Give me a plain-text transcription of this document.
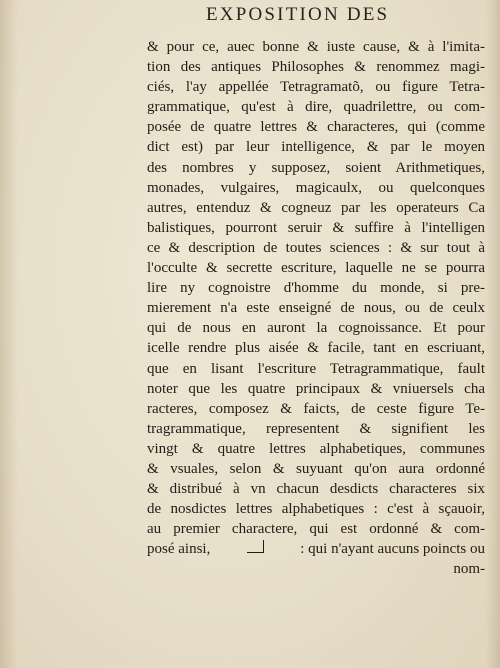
EXPOSITION DES
& pour ce, auec bonne & iuste cause, & à l'imita-
tion des antiques Philosophes & renommez magi-
ciés, l'ay appellée Tetragramatõ, ou figure Tetra-
grammatique, qu'est à dire, quadrilettre, ou com-
posée de quatre lettres & characteres, qui (comme
dict est) par leur intelligence, & par le moyen
des nombres y supposez, soient Arithmetiques,
monades, vulgaires, magicaulx, ou quelconques
autres, entenduz & cogneuz par les operateurs Ca
balistiques, pourront seruir & suffire à l'intelligen
ce & description de toutes sciences : & sur tout à
l'occulte & secrette escriture, laquelle ne se pourra
lire ny cognoistre d'homme du monde, si pre-
mierement n'a este enseigné de nous, ou de ceulx
qui de nous en auront la cognoissance. Et pour
icelle rendre plus aisée & facile, tant en escriuant,
que en lisant l'escriture Tetragrammatique, fault
noter que les quatre principaux & vniuersels cha
racteres, composez & faicts, de ceste figure Te-
tragrammatique, representent & signifient les
vingt & quatre lettres alphabetiques, communes
& vsuales, selon & suyuant qu'on aura ordonné
& distribué à vn chacun desdicts characteres six
de nosdictes lettres alphabetiques : c'est à sçauoir,
au premier charactere, qui est ordonné & com-
posé ainsi,	: qui n'ayant aucuns poincts ou
nom-
